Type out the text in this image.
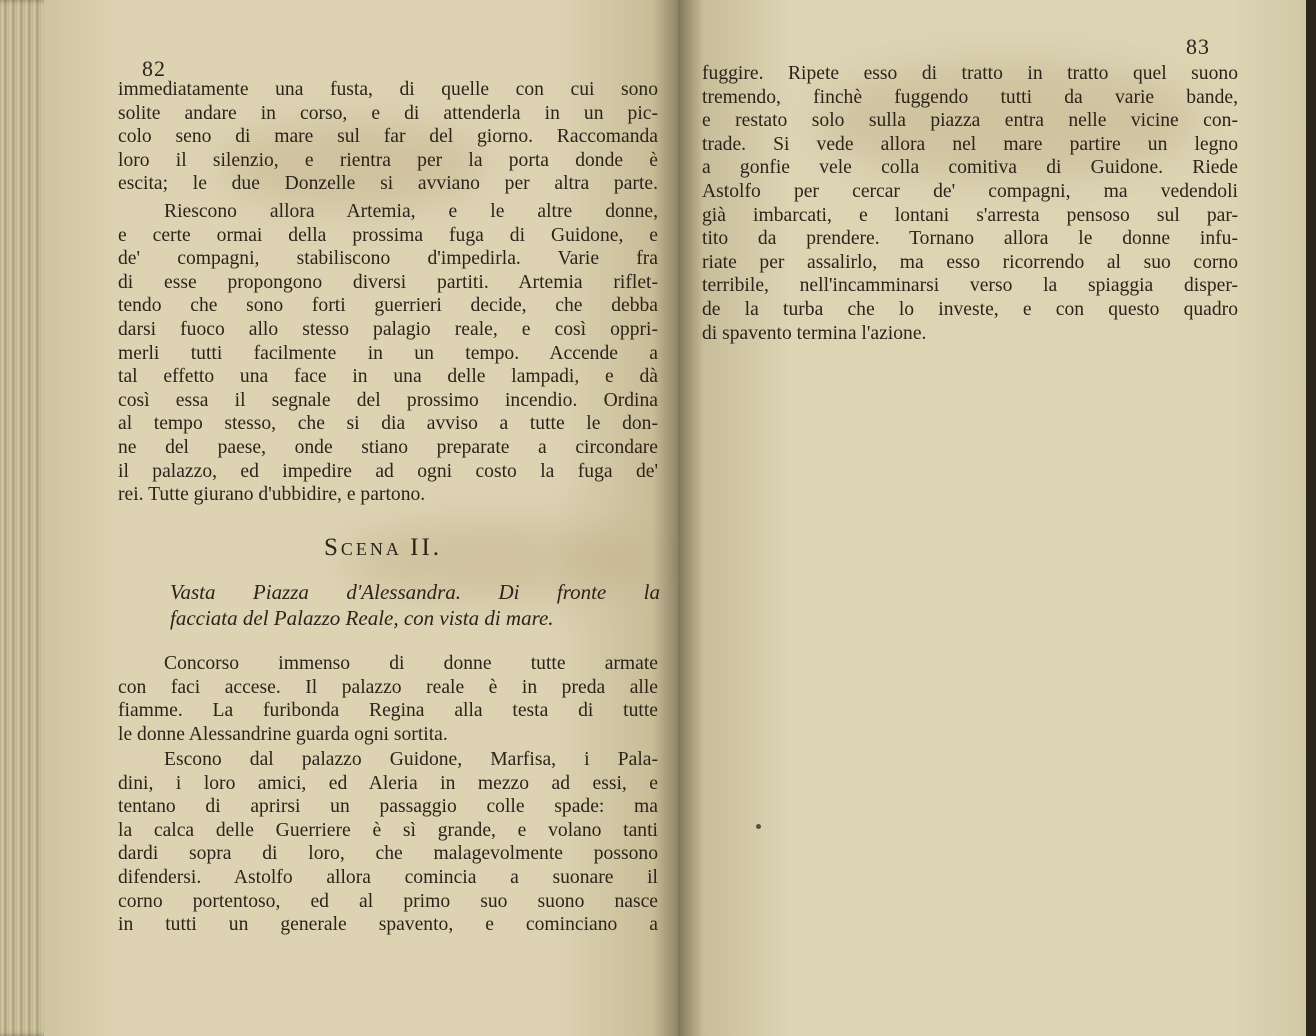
82
immediatamente una fusta, di quelle con cui sono
solite andare in corso, e di attenderla in un pic-
colo seno di mare sul far del giorno. Raccomanda
loro il silenzio, e rientra per la porta donde è
escita; le due Donzelle si avviano per altra parte.
Riescono allora Artemia, e le altre donne,
e certe ormai della prossima fuga di Guidone, e
de' compagni, stabiliscono d'impedirla. Varie fra
di esse propongono diversi partiti. Artemia riflet-
tendo che sono forti guerrieri decide, che debba
darsi fuoco allo stesso palagio reale, e così oppri-
merli tutti facilmente in un tempo. Accende a
tal effetto una face in una delle lampadi, e dà
così essa il segnale del prossimo incendio. Ordina
al tempo stesso, che si dia avviso a tutte le don-
ne del paese, onde stiano preparate a circondare
il palazzo, ed impedire ad ogni costo la fuga de'
rei. Tutte giurano d'ubbidire, e partono.
SCENA II.
Vasta Piazza d'Alessandra. Di fronte la
facciata del Palazzo Reale, con vista di mare.
Concorso immenso di donne tutte armate
con faci accese. Il palazzo reale è in preda alle
fiamme. La furibonda Regina alla testa di tutte
le donne Alessandrine guarda ogni sortita.
Escono dal palazzo Guidone, Marfisa, i Pala-
dini, i loro amici, ed Aleria in mezzo ad essi, e
tentano di aprirsi un passaggio colle spade: ma
la calca delle Guerriere è sì grande, e volano tanti
dardi sopra di loro, che malagevolmente possono
difendersi. Astolfo allora comincia a suonare il
corno portentoso, ed al primo suo suono nasce
in tutti un generale spavento, e cominciano a
83
fuggire. Ripete esso di tratto in tratto quel suono
tremendo, finchè fuggendo tutti da varie bande,
e restato solo sulla piazza entra nelle vicine con-
trade. Si vede allora nel mare partire un legno
a gonfie vele colla comitiva di Guidone. Riede
Astolfo per cercar de' compagni, ma vedendoli
già imbarcati, e lontani s'arresta pensoso sul par-
tito da prendere. Tornano allora le donne infu-
riate per assalirlo, ma esso ricorrendo al suo corno
terribile, nell'incamminarsi verso la spiaggia disper-
de la turba che lo investe, e con questo quadro
di spavento termina l'azione.
